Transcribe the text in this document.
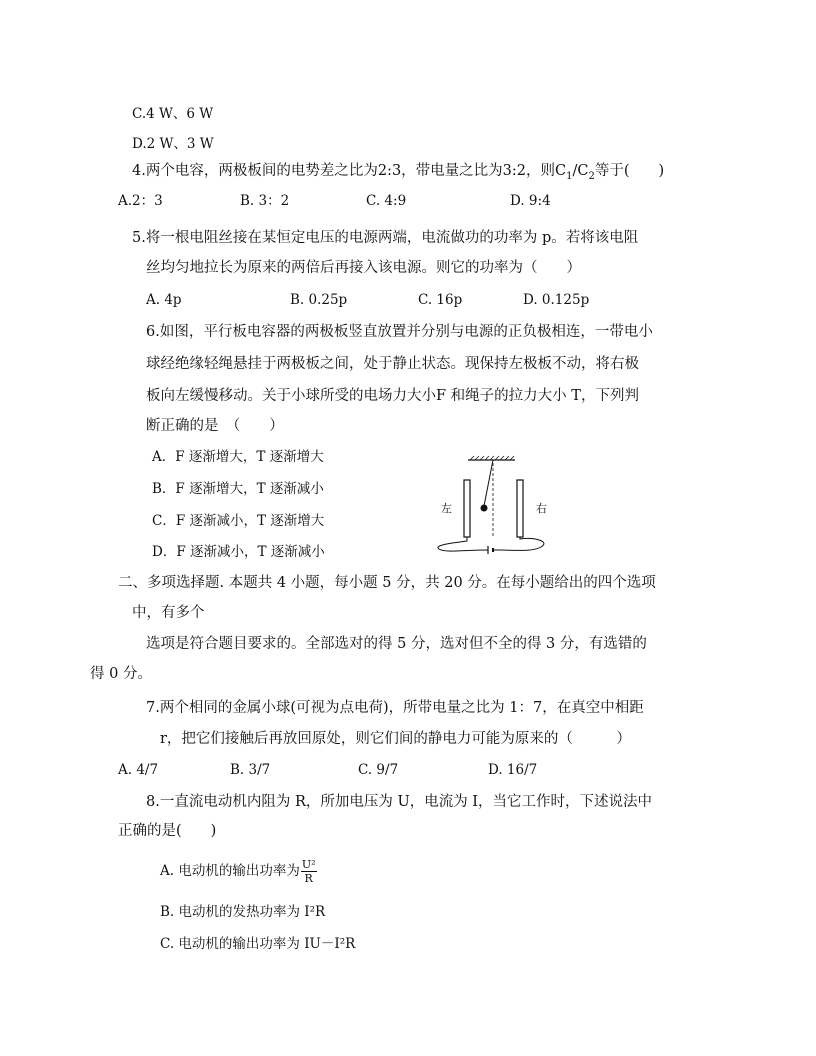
C.4 W、6 W
D.2 W、3 W
4.两个电容，两极板间的电势差之比为2:3，带电量之比为3:2，则$C_1/C_2$等于(　　)
A.2：3	B. 3：2	C. 4:9	D. 9:4
5.将一根电阻丝接在某恒定电压的电源两端，电流做功的功率为 p。若将该电阻
丝均匀地拉长为原来的两倍后再接入该电源。则它的功率为（　　）
A. 4p	B. 0.25p	C. 16p	D. 0.125p
6.如图，平行板电容器的两极板竖直放置并分别与电源的正负极相连，一带电小
球经绝缘轻绳悬挂于两极板之间，处于静止状态。现保持左极板不动，将右极
板向左缓慢移动。关于小球所受的电场力大小F 和绳子的拉力大小 T，下列判
断正确的是　（　　）
A．F 逐渐增大，T 逐渐增大
B．F 逐渐增大，T 逐渐减小
C．F 逐渐减小，T 逐渐增大
D．F 逐渐减小，T 逐渐减小
左	右
二、多项选择题. 本题共 4 小题，每小题 5 分，共 20 分。在每小题给出的四个选项
中，有多个
选项是符合题目要求的。全部选对的得 5 分，选对但不全的得 3 分，有选错的
得 0 分。
7.两个相同的金属小球(可视为点电荷)，所带电量之比为 1：7，在真空中相距
r，把它们接触后再放回原处，则它们间的静电力可能为原来的（　　　）
A. 4/7	B. 3/7	C. 9/7	D. 16/7
8.一直流电动机内阻为 R，所加电压为 U，电流为 I，当它工作时，下述说法中
正确的是(　　)
A. 电动机的输出功率为 $\frac{\text{U²}}{R}$
B. 电动机的发热功率为 I²R
C. 电动机的输出功率为 IU－I²R
